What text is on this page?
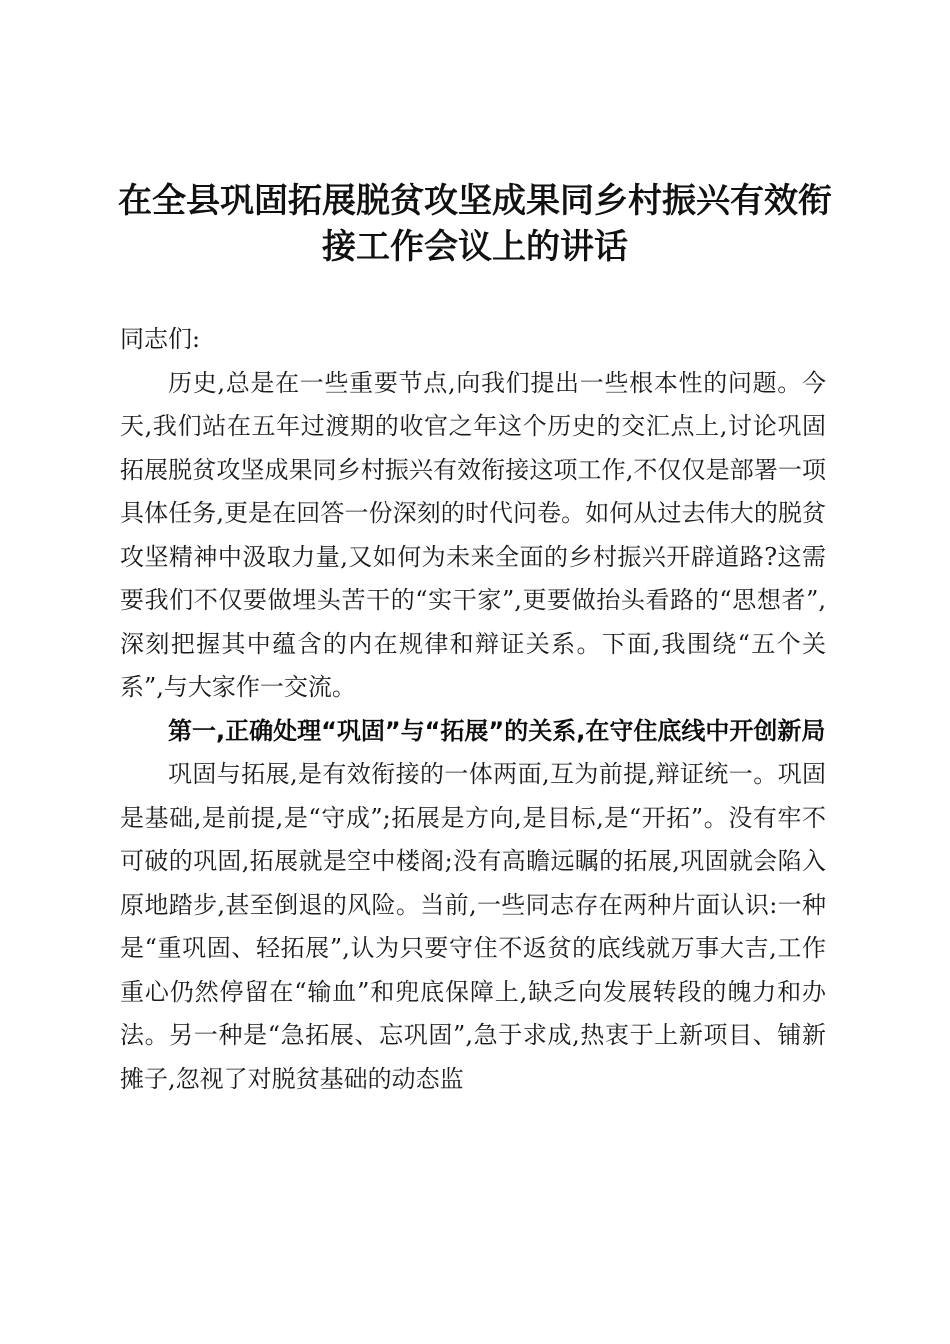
在全县巩固拓展脱贫攻坚成果同乡村振兴有效衔接工作会议上的讲话

同志们:

历史,总是在一些重要节点,向我们提出一些根本性的问题。今天,我们站在五年过渡期的收官之年这个历史的交汇点上,讨论巩固拓展脱贫攻坚成果同乡村振兴有效衔接这项工作,不仅仅是部署一项具体任务,更是在回答一份深刻的时代问卷。如何从过去伟大的脱贫攻坚精神中汲取力量,又如何为未来全面的乡村振兴开辟道路?这需要我们不仅要做埋头苦干的“实干家”,更要做抬头看路的“思想者”,深刻把握其中蕴含的内在规律和辩证关系。下面,我围绕“五个关系”,与大家作一交流。

第一,正确处理“巩固”与“拓展”的关系,在守住底线中开创新局

巩固与拓展,是有效衔接的一体两面,互为前提,辩证统一。巩固是基础,是前提,是“守成”;拓展是方向,是目标,是“开拓”。没有牢不可破的巩固,拓展就是空中楼阁;没有高瞻远瞩的拓展,巩固就会陷入原地踏步,甚至倒退的风险。当前,一些同志存在两种片面认识:一种是“重巩固、轻拓展”,认为只要守住不返贫的底线就万事大吉,工作重心仍然停留在“输血”和兜底保障上,缺乏向发展转段的魄力和办法。另一种是“急拓展、忘巩固”,急于求成,热衷于上新项目、铺新摊子,忽视了对脱贫基础的动态监
